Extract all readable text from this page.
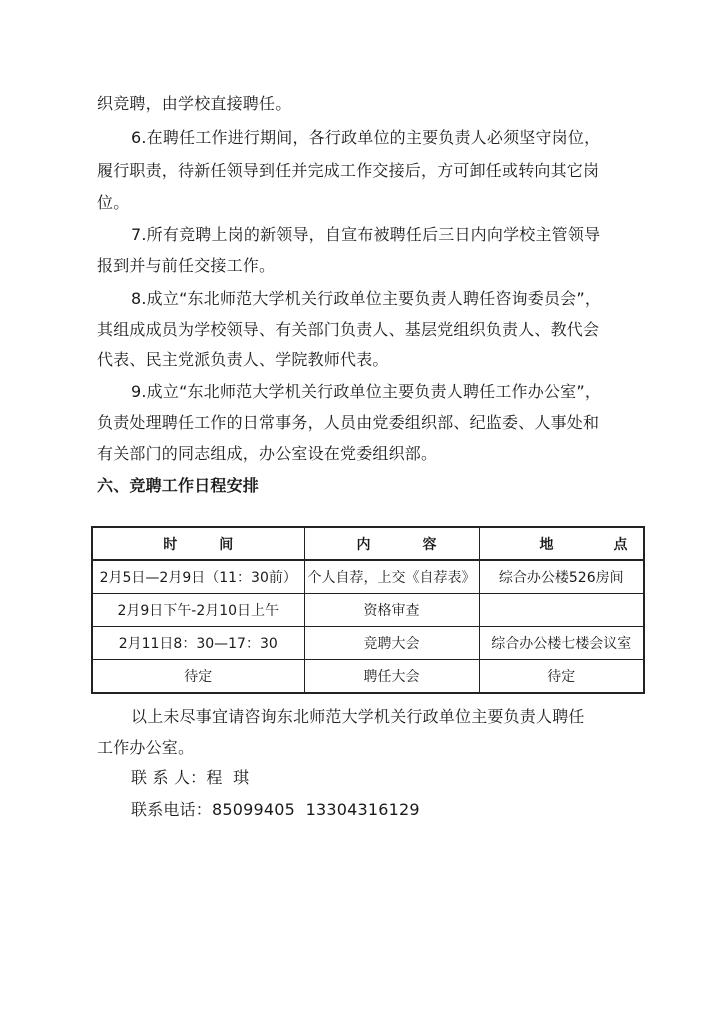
织竞聘，由学校直接聘任。
6.在聘任工作进行期间，各行政单位的主要负责人必须坚守岗位，
履行职责，待新任领导到任并完成工作交接后，方可卸任或转向其它岗
位。
7.所有竞聘上岗的新领导，自宣布被聘任后三日内向学校主管领导
报到并与前任交接工作。
8.成立“东北师范大学机关行政单位主要负责人聘任咨询委员会”，
其组成成员为学校领导、有关部门负责人、基层党组织负责人、教代会
代表、民主党派负责人、学院教师代表。
9.成立“东北师范大学机关行政单位主要负责人聘任工作办公室”，
负责处理聘任工作的日常事务，人员由党委组织部、纪监委、人事处和
有关部门的同志组成，办公室设在党委组织部。
六、竞聘工作日程安排
时间	内容	地点
2月5日—2月9日（11：30前）	个人自荐，上交《自荐表》	综合办公楼526房间
2月9日下午-2月10日上午	资格审查	
2月11日8：30—17：30	竞聘大会	综合办公楼七楼会议室
待定	聘任大会	待定
以上未尽事宜请咨询东北师范大学机关行政单位主要负责人聘任
工作办公室。
联 系 人：程  琪
联系电话：85099405  13304316129
